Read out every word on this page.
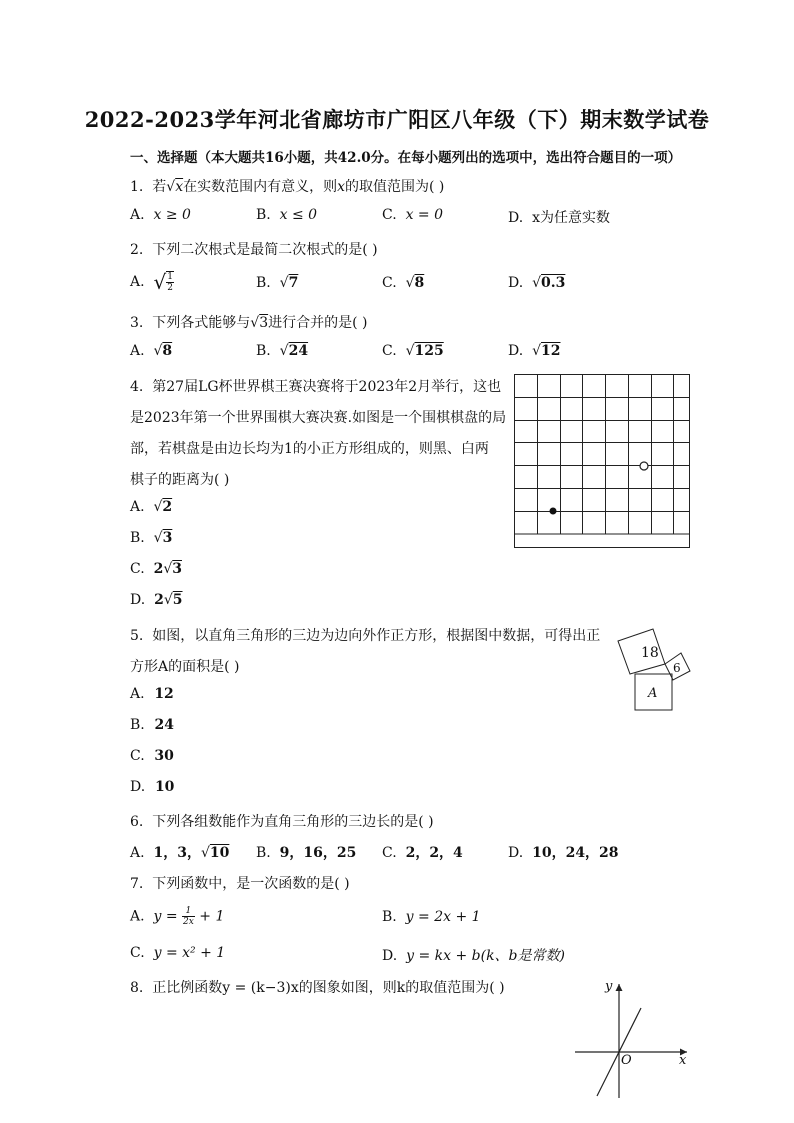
2022-2023学年河北省廊坊市广阳区八年级（下）期末数学试卷
一、选择题（本大题共16小题，共42.0分。在每小题列出的选项中，选出符合题目的一项）
1. 若√x在实数范围内有意义，则x的取值范围为( )
A. x ≥ 0	B. x ≤ 0	C. x = 0	D. x为任意实数
2. 下列二次根式是最简二次根式的是( )
A. √ $\frac{1}{2}$	B.  √7	C.  √8	D.  √0.3
3. 下列各式能够与√3进行合并的是( )
A.  √8	B.  √24	C.  √125	D.  √12
4. 第27届LG杯世界棋王赛决赛将于2023年2月举行，这也
是2023年第一个世界围棋大赛决赛.如图是一个围棋棋盘的局
部，若棋盘是由边长均为1的小正方形组成的，则黑、白两
棋子的距离为( )
A. √2
B. √3
C. 2√3
D. 2√5
5. 如图，以直角三角形的三边为边向外作正方形，根据图中数据，可得出正
方形A的面积是( )
A. 12
B. 24
C. 30
D. 10
18
6
A
6. 下列各组数能作为直角三角形的三边长的是( )
A. 1，3，√10 B. 9，16，25 C. 2，2，4	D. 10，24，28
7. 下列函数中，是一次函数的是( )
A. $y = \frac{1}{2x} + 1$	B. y = 2x + 1
C. y = x² + 1	D. y = kx + b(k、b是常数)
8. 正比例函数y = (k−3)x的图象如图，则k的取值范围为( )	y
x
O
